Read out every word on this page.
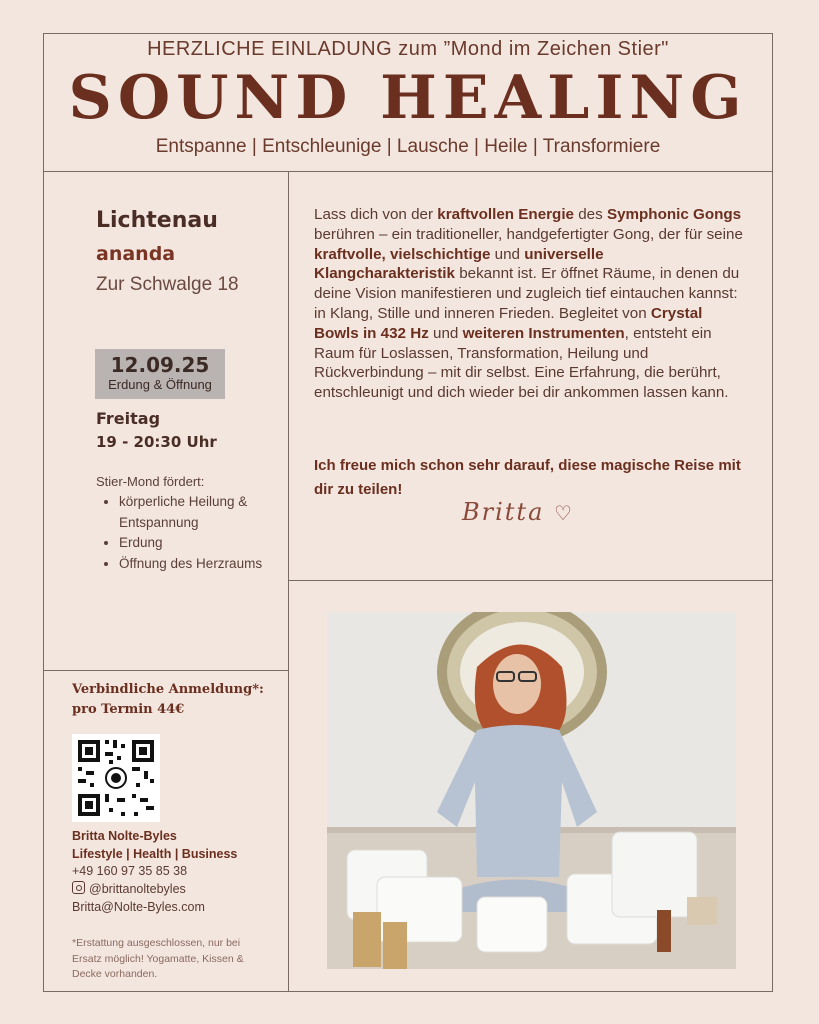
HERZLICHE EINLADUNG zum ”Mond im Zeichen Stier"
SOUND HEALING
Entspanne | Entschleunige | Lausche | Heile | Transformiere
Lichtenau
ananda
Zur Schwalge 18
12.09.25
Erdung & Öffnung
Freitag
19 - 20:30 Uhr
Stier-Mond fördert:
• körperliche Heilung & Entspannung
• Erdung
• Öffnung des Herzraums
Lass dich von der kraftvollen Energie des Symphonic Gongs berühren – ein traditioneller, handgefertigter Gong, der für seine kraftvolle, vielschichtige und universelle Klangcharakteristik bekannt ist. Er öffnet Räume, in denen du deine Vision manifestieren und zugleich tief eintauchen kannst: in Klang, Stille und inneren Frieden. Begleitet von Crystal Bowls in 432 Hz und weiteren Instrumenten, entsteht ein Raum für Loslassen, Transformation, Heilung und Rückverbindung – mit dir selbst. Eine Erfahrung, die berührt, entschleunigt und dich wieder bei dir ankommen lassen kann.
Ich freue mich schon sehr darauf, diese magische Reise mit dir zu teilen!
Britta ♡
Verbindliche Anmeldung*:
pro Termin 44€
Britta Nolte-Byles
Lifestyle | Health | Business
+49 160 97 35 85 38
@brittanoltebyles
Britta@Nolte-Byles.com
*Erstattung ausgeschlossen, nur bei Ersatz möglich! Yogamatte, Kissen & Decke vorhanden.
